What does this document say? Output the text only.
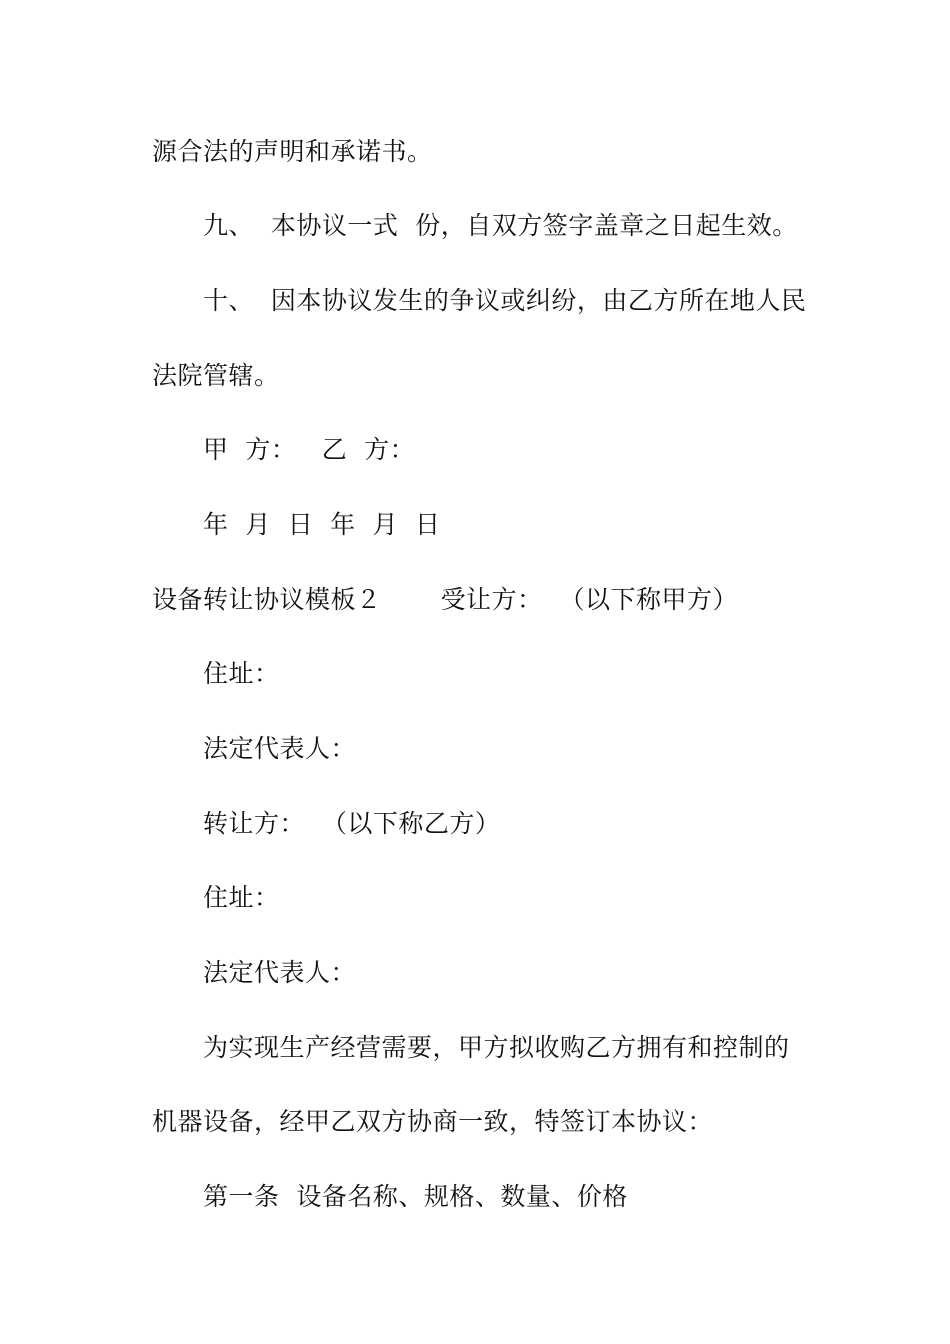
源合法的声明和承诺书。
九、  本协议一式  份，自双方签字盖章之日起生效。
十、  因本协议发生的争议或纠纷，由乙方所在地人民
法院管辖。
甲  方：   乙  方：
年  月  日  年  月  日
设备转让协议模板２       受让方：  （以下称甲方）
住址：
法定代表人：
转让方：  （以下称乙方）
住址：
法定代表人：
为实现生产经营需要，甲方拟收购乙方拥有和控制的
机器设备，经甲乙双方协商一致，特签订本协议：
第一条  设备名称、规格、数量、价格
